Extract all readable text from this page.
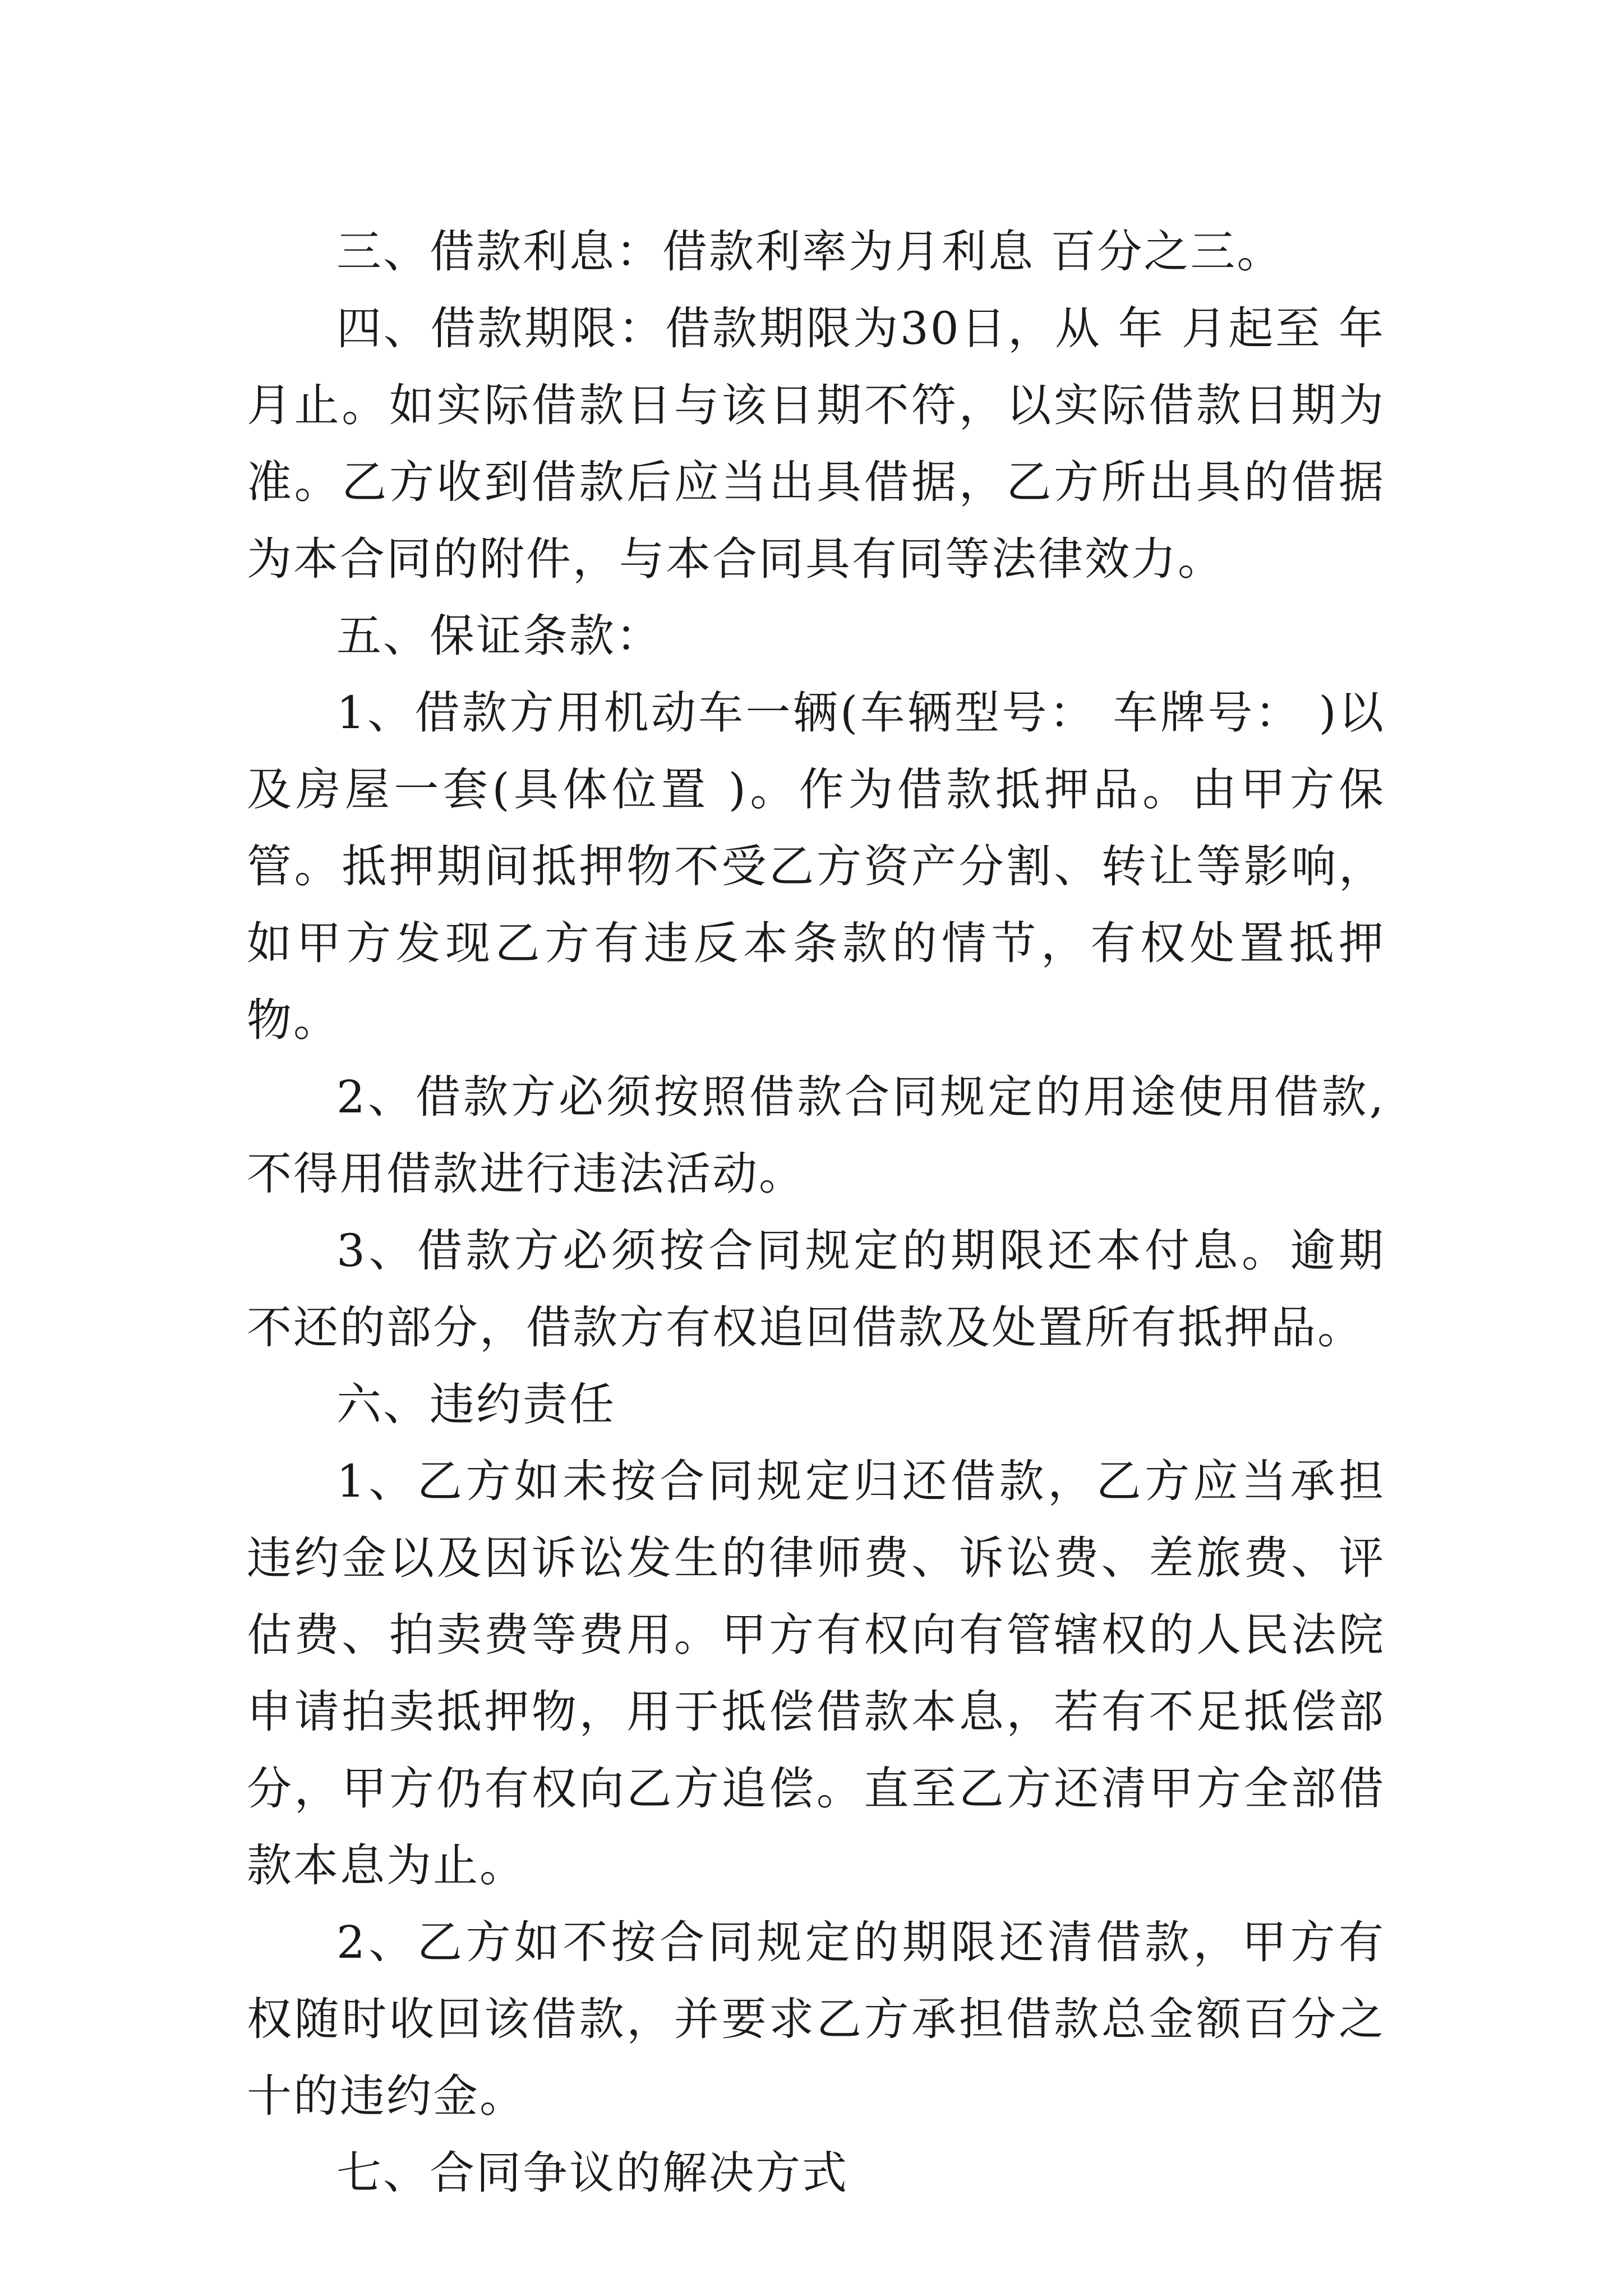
三、借款利息：借款利率为月利息 百分之三。

四、借款期限：借款期限为30日，从 年 月起至 年月止。如实际借款日与该日期不符，以实际借款日期为准。乙方收到借款后应当出具借据，乙方所出具的借据为本合同的附件，与本合同具有同等法律效力。

五、保证条款：

1、借款方用机动车一辆(车辆型号： 车牌号： )以及房屋一套(具体位置 )。作为借款抵押品。由甲方保管。抵押期间抵押物不受乙方资产分割、转让等影响，如甲方发现乙方有违反本条款的情节，有权处置抵押物。

2、借款方必须按照借款合同规定的用途使用借款,不得用借款进行违法活动。

3、借款方必须按合同规定的期限还本付息。逾期不还的部分，借款方有权追回借款及处置所有抵押品。

六、违约责任

1、乙方如未按合同规定归还借款，乙方应当承担违约金以及因诉讼发生的律师费、诉讼费、差旅费、评估费、拍卖费等费用。甲方有权向有管辖权的人民法院申请拍卖抵押物，用于抵偿借款本息，若有不足抵偿部分，甲方仍有权向乙方追偿。直至乙方还清甲方全部借款本息为止。

2、乙方如不按合同规定的期限还清借款，甲方有权随时收回该借款，并要求乙方承担借款总金额百分之十的违约金。

七、合同争议的解决方式
